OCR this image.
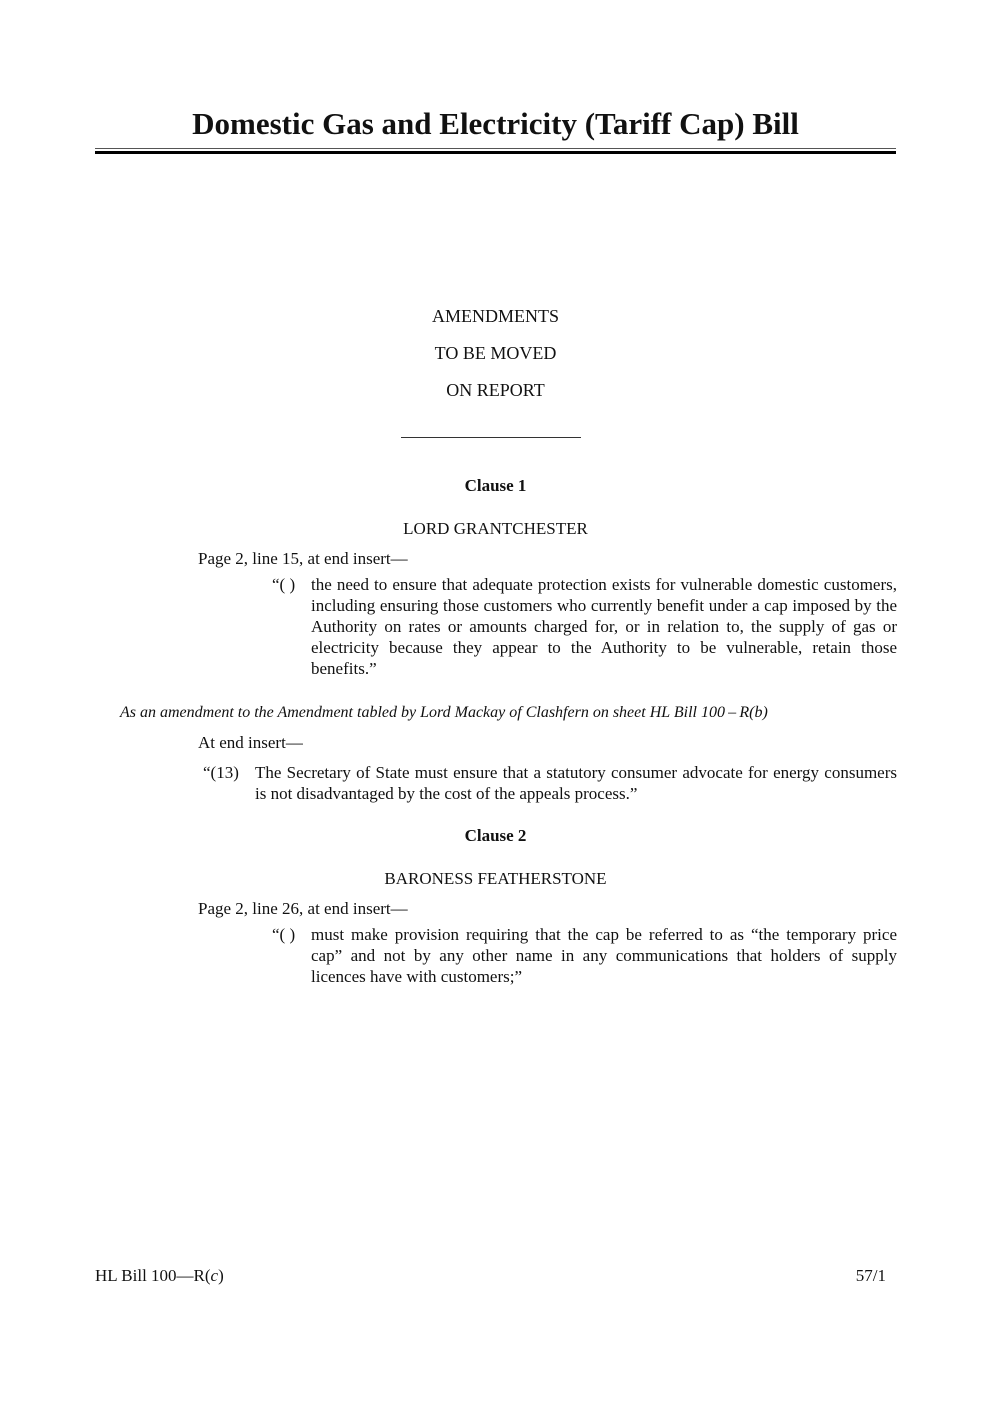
Domestic Gas and Electricity (Tariff Cap) Bill
AMENDMENTS
TO BE MOVED
ON REPORT
Clause 1
LORD GRANTCHESTER
Page 2, line 15, at end insert—
“( ) the need to ensure that adequate protection exists for vulnerable domestic customers, including ensuring those customers who currently benefit under a cap imposed by the Authority on rates or amounts charged for, or in relation to, the supply of gas or electricity because they appear to the Authority to be vulnerable, retain those benefits.”
As an amendment to the Amendment tabled by Lord Mackay of Clashfern on sheet HL Bill 100 – R(b)
At end insert—
“(13) The Secretary of State must ensure that a statutory consumer advocate for energy consumers is not disadvantaged by the cost of the appeals process.”
Clause 2
BARONESS FEATHERSTONE
Page 2, line 26, at end insert—
“( ) must make provision requiring that the cap be referred to as “the temporary price cap” and not by any other name in any communications that holders of supply licences have with customers;”
HL Bill 100—R(c)	57/1
